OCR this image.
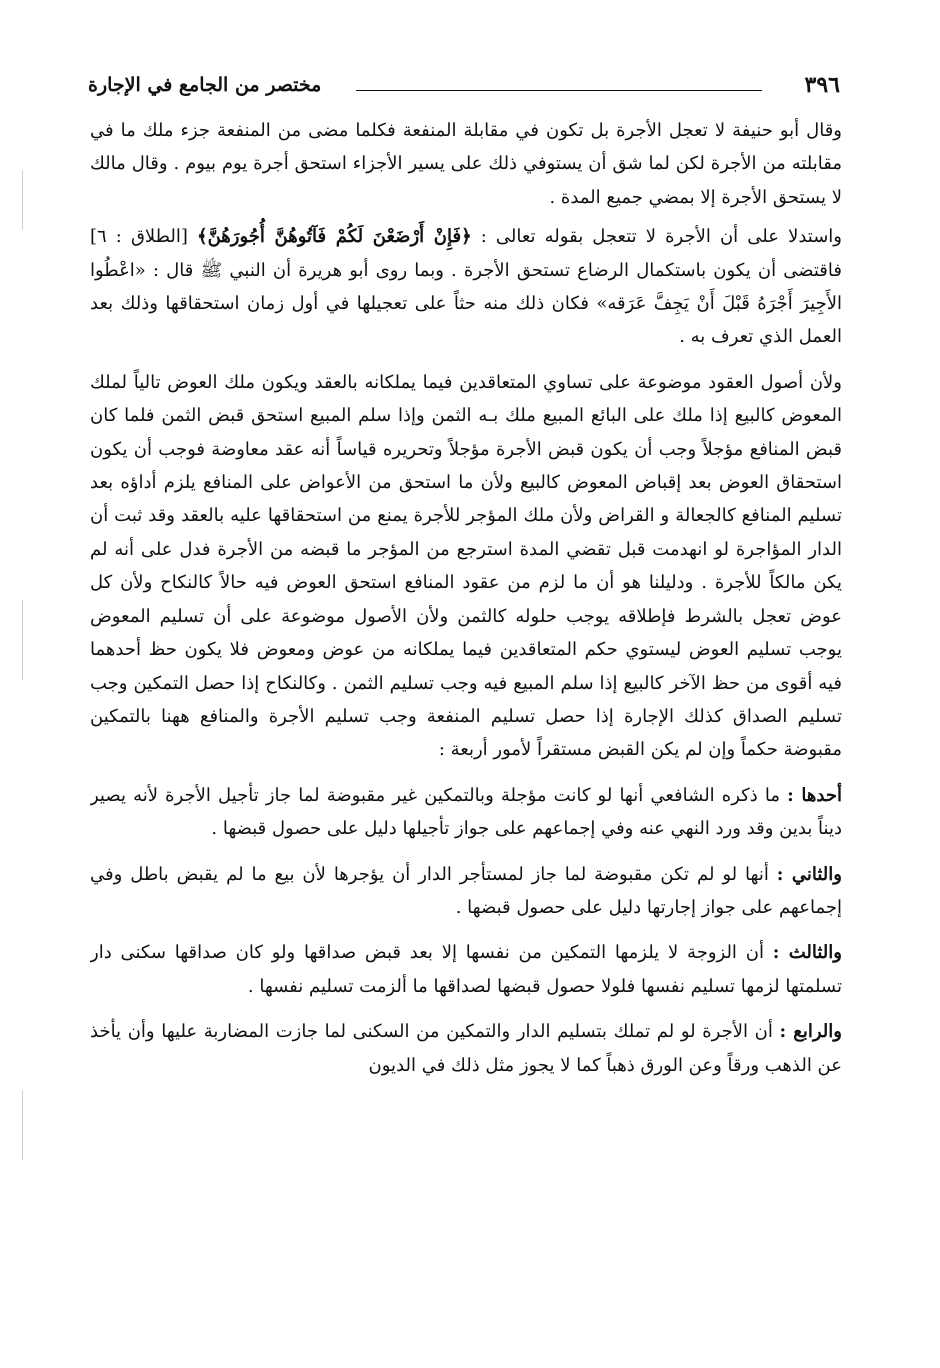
٣٩٦
مختصر من الجامع في الإجارة

وقال أبو حنيفة لا تعجل الأجرة بل تكون في مقابلة المنفعة فكلما مضى من المنفعة جزء ملك ما في مقابلته من الأجرة لكن لما شق أن يستوفي ذلك على يسير الأجزاء استحق أجرة يوم بيوم . وقال مالك لا يستحق الأجرة إلا بمضي جميع المدة .

واستدلا على أن الأجرة لا تتعجل بقوله تعالى : ﴿فَإِنْ أَرْضَعْنَ لَكُمْ فَآتُوهُنَّ أُجُورَهُنَّ﴾ [الطلاق : ٦] فاقتضى أن يكون باستكمال الرضاع تستحق الأجرة . وبما روى أبو هريرة أن النبي ﷺ قال : «اعْطُوا الأَجِيرَ أَجْرَهُ قَبْلَ أَنْ يَجِفَّ عَرَقه» فكان ذلك منه حثاً على تعجيلها في أول زمان استحقاقها وذلك بعد العمل الذي تعرف به .

ولأن أصول العقود موضوعة على تساوي المتعاقدين فيما يملكانه بالعقد ويكون ملك العوض تالياً لملك المعوض كالبيع إذا ملك على البائع المبيع ملك بـه الثمن وإذا سلم المبيع استحق قبض الثمن فلما كان قبض المنافع مؤجلاً وجب أن يكون قبض الأجرة مؤجلاً وتحريره قياساً أنه عقد معاوضة فوجب أن يكون استحقاق العوض بعد إقباض المعوض كالبيع ولأن ما استحق من الأعواض على المنافع يلزم أداؤه بعد تسليم المنافع كالجعالة و القراض ولأن ملك المؤجر للأجرة يمنع من استحقاقها عليه بالعقد وقد ثبت أن الدار المؤاجرة لو انهدمت قبل تقضي المدة استرجع من المؤجر ما قبضه من الأجرة فدل على أنه لم يكن مالكاً للأجرة . ودليلنا هو أن ما لزم من عقود المنافع استحق العوض فيه حالاً كالنكاح ولأن كل عوض تعجل بالشرط فإطلاقه يوجب حلوله كالثمن ولأن الأصول موضوعة على أن تسليم المعوض يوجب تسليم العوض ليستوي حكم المتعاقدين فيما يملكانه من عوض ومعوض فلا يكون حظ أحدهما فيه أقوى من حظ الآخر كالبيع إذا سلم المبيع فيه وجب تسليم الثمن . وكالنكاح إذا حصل التمكين وجب تسليم الصداق كذلك الإجارة إذا حصل تسليم المنفعة وجب تسليم الأجرة والمنافع ههنا بالتمكين مقبوضة حكماً وإن لم يكن القبض مستقراً لأمور أربعة :

أحدها : ما ذكره الشافعي أنها لو كانت مؤجلة وبالتمكين غير مقبوضة لما جاز تأجيل الأجرة لأنه يصير ديناً بدين وقد ورد النهي عنه وفي إجماعهم على جواز تأجيلها دليل على حصول قبضها .

والثاني : أنها لو لم تكن مقبوضة لما جاز لمستأجر الدار أن يؤجرها لأن بيع ما لم يقبض باطل وفي إجماعهم على جواز إجارتها دليل على حصول قبضها .

والثالث : أن الزوجة لا يلزمها التمكين من نفسها إلا بعد قبض صداقها ولو كان صداقها سكنى دار تسلمتها لزمها تسليم نفسها فلولا حصول قبضها لصداقها ما ألزمت تسليم نفسها .

والرابع : أن الأجرة لو لم تملك بتسليم الدار والتمكين من السكنى لما جازت المضاربة عليها وأن يأخذ عن الذهب ورقاً وعن الورق ذهباً كما لا يجوز مثل ذلك في الديون
